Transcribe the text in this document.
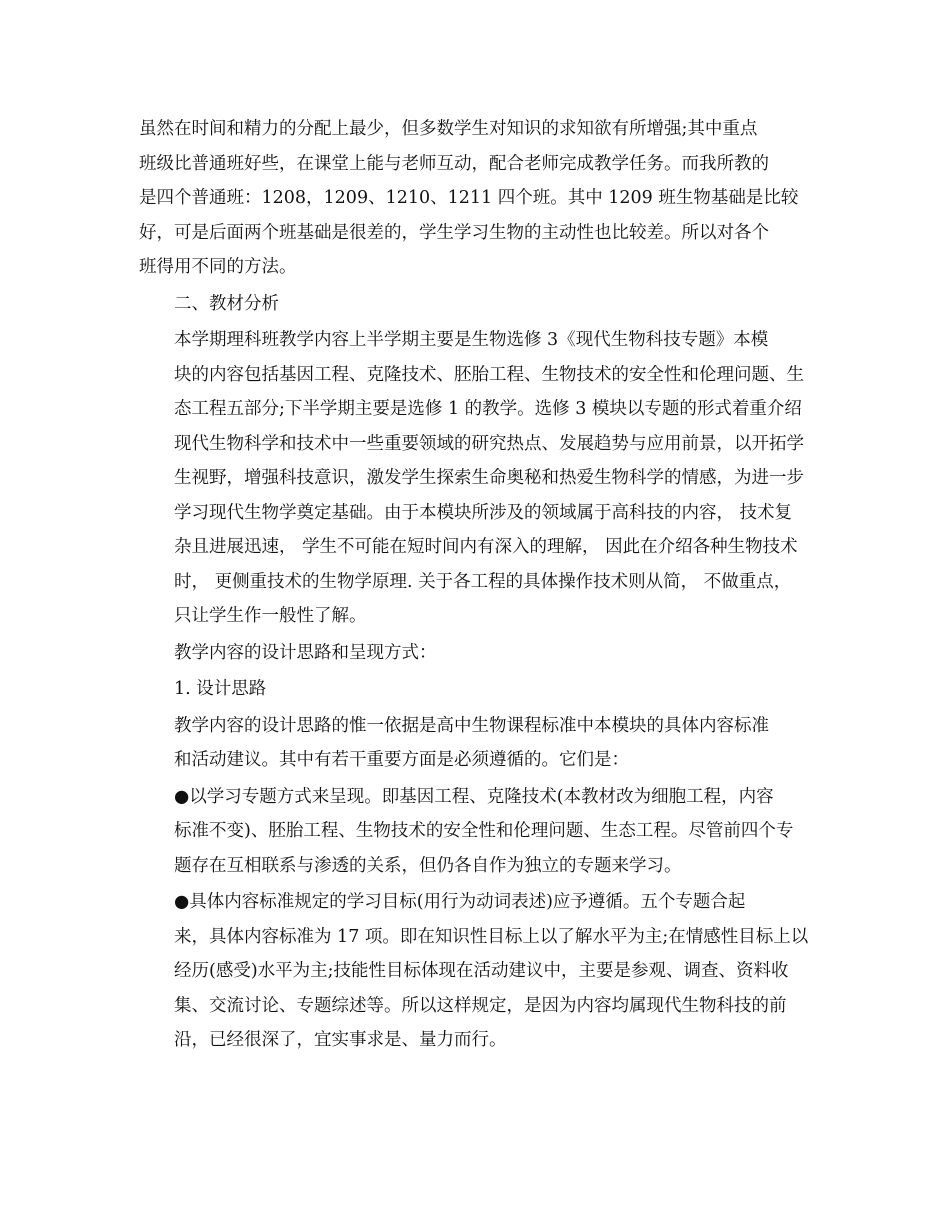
虽然在时间和精力的分配上最少，但多数学生对知识的求知欲有所增强;其中重点
班级比普通班好些，在课堂上能与老师互动，配合老师完成教学任务。而我所教的
是四个普通班：1208，1209、1210、1211 四个班。其中 1209 班生物基础是比较
好，可是后面两个班基础是很差的，学生学习生物的主动性也比较差。所以对各个
班得用不同的方法。

二、教材分析

本学期理科班教学内容上半学期主要是生物选修 3《现代生物科技专题》本模
块的内容包括基因工程、克隆技术、胚胎工程、生物技术的安全性和伦理问题、生
态工程五部分;下半学期主要是选修 1 的教学。选修 3 模块以专题的形式着重介绍
现代生物科学和技术中一些重要领域的研究热点、发展趋势与应用前景，以开拓学
生视野，增强科技意识，激发学生探索生命奥秘和热爱生物科学的情感，为进一步
学习现代生物学奠定基础。由于本模块所涉及的领域属于高科技的内容， 技术复
杂且进展迅速， 学生不可能在短时间内有深入的理解， 因此在介绍各种生物技术
时， 更侧重技术的生物学原理. 关于各工程的具体操作技术则从简， 不做重点，
只让学生作一般性了解。

教学内容的设计思路和呈现方式：

1. 设计思路

教学内容的设计思路的惟一依据是高中生物课程标准中本模块的具体内容标准
和活动建议。其中有若干重要方面是必须遵循的。它们是：

●以学习专题方式来呈现。即基因工程、克隆技术(本教材改为细胞工程，内容
标准不变)、胚胎工程、生物技术的安全性和伦理问题、生态工程。尽管前四个专
题存在互相联系与渗透的关系，但仍各自作为独立的专题来学习。

●具体内容标准规定的学习目标(用行为动词表述)应予遵循。五个专题合起
来，具体内容标准为 17 项。即在知识性目标上以了解水平为主;在情感性目标上以
经历(感受)水平为主;技能性目标体现在活动建议中，主要是参观、调查、资料收
集、交流讨论、专题综述等。所以这样规定，是因为内容均属现代生物科技的前
沿，已经很深了，宜实事求是、量力而行。
